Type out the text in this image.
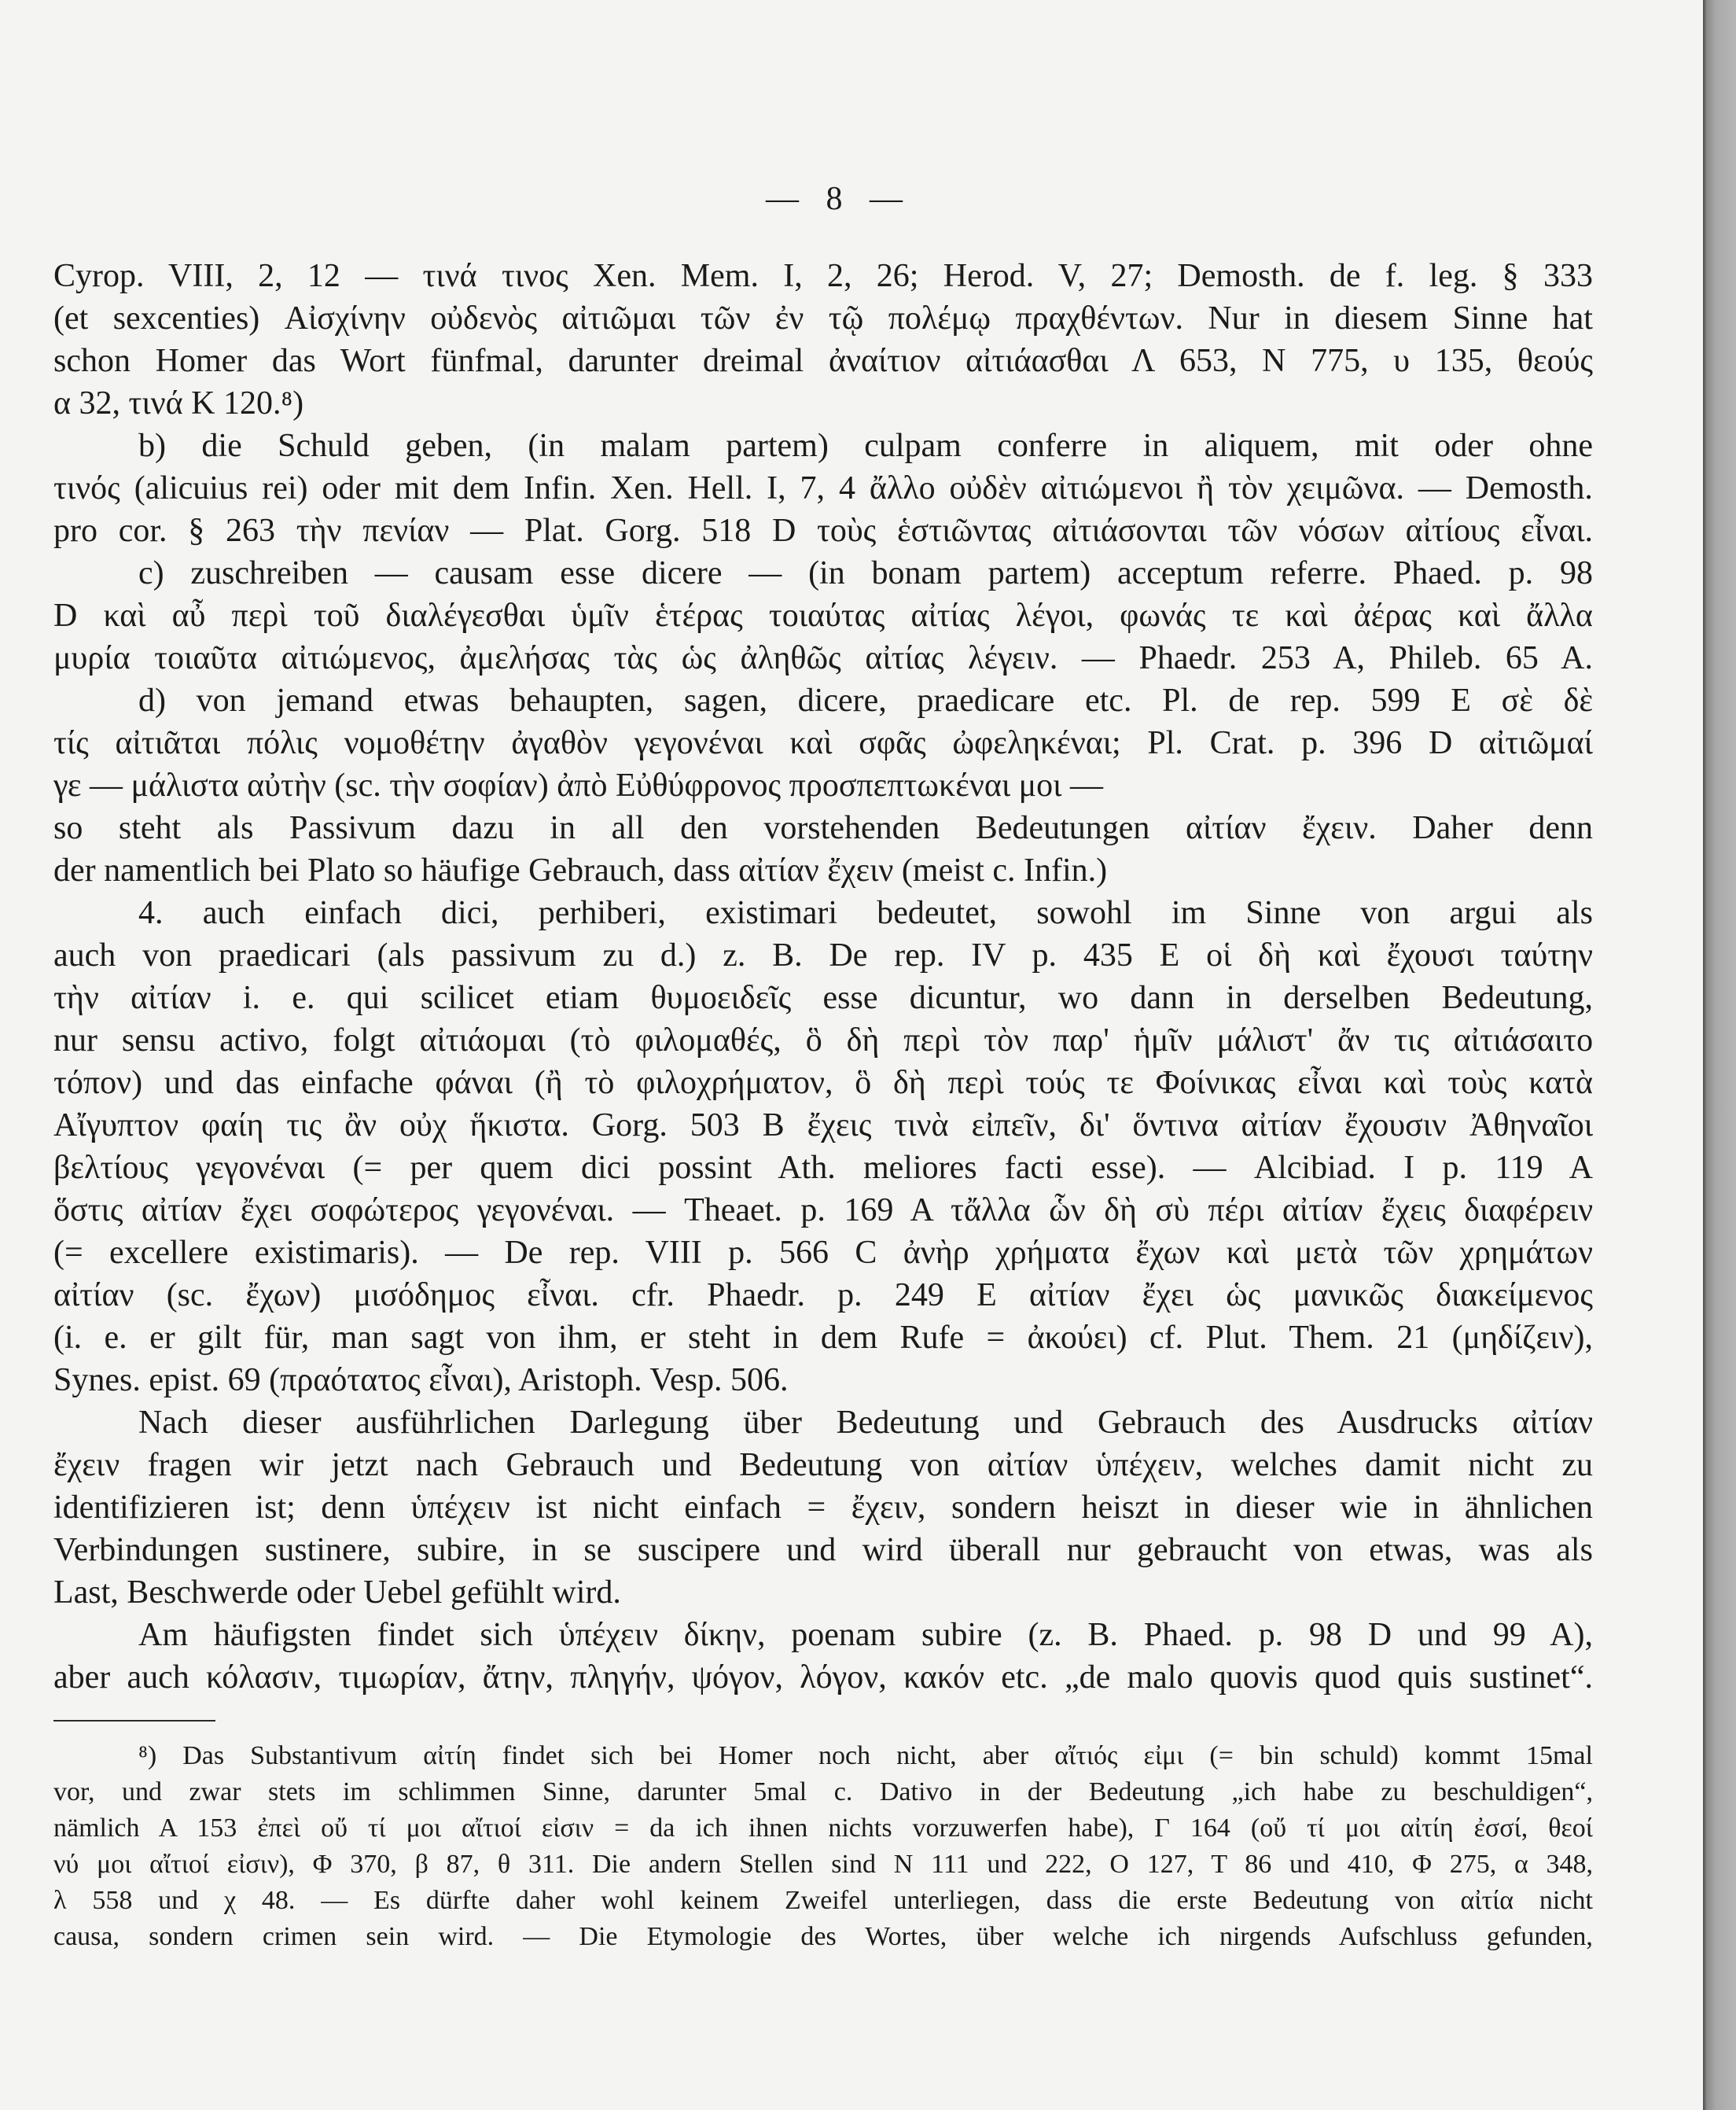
— 8 —
Cyrop. VIII, 2, 12 — τινά τινος Xen. Mem. I, 2, 26; Herod. V, 27; Demosth. de f. leg. § 333
(et sexcenties) Αἰσχίνην οὐδενὸς αἰτιῶμαι τῶν ἐν τῷ πολέμῳ πραχθέντων. Nur in diesem Sinne hat
schon Homer das Wort fünfmal, darunter dreimal ἀναίτιον αἰτιάασθαι Λ 653, N 775, υ 135, θεούς
α 32, τινά K 120.⁸)
b) die Schuld geben, (in malam partem) culpam conferre in aliquem, mit oder ohne
τινός (alicuius rei) oder mit dem Infin. Xen. Hell. I, 7, 4 ἄλλο οὐδὲν αἰτιώμενοι ἢ τὸν χειμῶνα. — Demosth.
pro cor. § 263 τὴν πενίαν — Plat. Gorg. 518 D τοὺς ἑστιῶντας αἰτιάσονται τῶν νόσων αἰτίους εἶναι.
c) zuschreiben — causam esse dicere — (in bonam partem) acceptum referre. Phaed. p. 98
D καὶ αὖ περὶ τοῦ διαλέγεσθαι ὑμῖν ἑτέρας τοιαύτας αἰτίας λέγοι, φωνάς τε καὶ ἀέρας καὶ ἄλλα
μυρία τοιαῦτα αἰτιώμενος, ἀμελήσας τὰς ὡς ἀληθῶς αἰτίας λέγειν. — Phaedr. 253 A, Phileb. 65 A.
d) von jemand etwas behaupten, sagen, dicere, praedicare etc. Pl. de rep. 599 E σὲ δὲ
τίς αἰτιᾶται πόλις νομοθέτην ἀγαθὸν γεγονέναι καὶ σφᾶς ὠφεληκέναι; Pl. Crat. p. 396 D αἰτιῶμαί
γε — μάλιστα αὐτὴν (sc. τὴν σοφίαν) ἀπὸ Εὐθύφρονος προσπεπτωκέναι μοι —
so steht als Passivum dazu in all den vorstehenden Bedeutungen αἰτίαν ἔχειν. Daher denn
der namentlich bei Plato so häufige Gebrauch, dass αἰτίαν ἔχειν (meist c. Infin.)
4. auch einfach dici, perhiberi, existimari bedeutet, sowohl im Sinne von argui als
auch von praedicari (als passivum zu d.) z. B. De rep. IV p. 435 E οἱ δὴ καὶ ἔχουσι ταύτην
τὴν αἰτίαν i. e. qui scilicet etiam θυμοειδεῖς esse dicuntur, wo dann in derselben Bedeutung,
nur sensu activo, folgt αἰτιάομαι (τὸ φιλομαθές, ὃ δὴ περὶ τὸν παρ' ἡμῖν μάλιστ' ἄν τις αἰτιάσαιτο
τόπον) und das einfache φάναι (ἢ τὸ φιλοχρήματον, ὃ δὴ περὶ τούς τε Φοίνικας εἶναι καὶ τοὺς κατὰ
Αἴγυπτον φαίη τις ἂν οὐχ ἥκιστα. Gorg. 503 B ἔχεις τινὰ εἰπεῖν, δι' ὅντινα αἰτίαν ἔχουσιν Ἀθηναῖοι
βελτίους γεγονέναι (= per quem dici possint Ath. meliores facti esse). — Alcibiad. I p. 119 A
ὅστις αἰτίαν ἔχει σοφώτερος γεγονέναι. — Theaet. p. 169 A τἄλλα ὧν δὴ σὺ πέρι αἰτίαν ἔχεις διαφέρειν
(= excellere existimaris). — De rep. VIII p. 566 C ἀνὴρ χρήματα ἔχων καὶ μετὰ τῶν χρημάτων
αἰτίαν (sc. ἔχων) μισόδημος εἶναι. cfr. Phaedr. p. 249 E αἰτίαν ἔχει ὡς μανικῶς διακείμενος
(i. e. er gilt für, man sagt von ihm, er steht in dem Rufe = ἀκούει) cf. Plut. Them. 21 (μηδίζειν),
Synes. epist. 69 (πραότατος εἶναι), Aristoph. Vesp. 506.
Nach dieser ausführlichen Darlegung über Bedeutung und Gebrauch des Ausdrucks αἰτίαν
ἔχειν fragen wir jetzt nach Gebrauch und Bedeutung von αἰτίαν ὑπέχειν, welches damit nicht zu
identifizieren ist; denn ὑπέχειν ist nicht einfach = ἔχειν, sondern heiszt in dieser wie in ähnlichen
Verbindungen sustinere, subire, in se suscipere und wird überall nur gebraucht von etwas, was als
Last, Beschwerde oder Uebel gefühlt wird.
Am häufigsten findet sich ὑπέχειν δίκην, poenam subire (z. B. Phaed. p. 98 D und 99 A),
aber auch κόλασιν, τιμωρίαν, ἄτην, πληγήν, ψόγον, λόγον, κακόν etc. „de malo quovis quod quis sustinet“.
⁸) Das Substantivum αἰτίη findet sich bei Homer noch nicht, aber αἴτιός εἰμι (= bin schuld) kommt 15mal
vor, und zwar stets im schlimmen Sinne, darunter 5mal c. Dativo in der Bedeutung „ich habe zu beschuldigen“,
nämlich A 153 ἐπεὶ οὔ τί μοι αἴτιοί εἰσιν = da ich ihnen nichts vorzuwerfen habe), Γ 164 (οὔ τί μοι αἰτίη ἐσσί, θεοί
νύ μοι αἴτιοί εἰσιν), Φ 370, β 87, θ 311. Die andern Stellen sind N 111 und 222, O 127, T 86 und 410, Φ 275, α 348,
λ 558 und χ 48. — Es dürfte daher wohl keinem Zweifel unterliegen, dass die erste Bedeutung von αἰτία nicht
causa, sondern crimen sein wird. — Die Etymologie des Wortes, über welche ich nirgends Aufschluss gefunden,
